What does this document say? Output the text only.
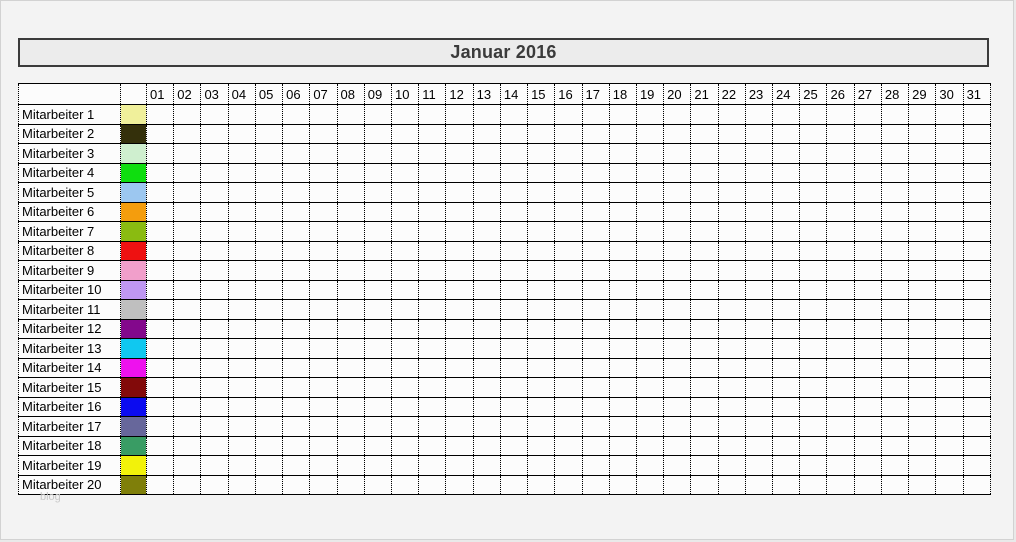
Januar 2016
		01	02	03	04	05	06	07	08	09	10	11	12	13	14	15	16	17	18	19	20	21	22	23	24	25	26	27	28	29	30	31
Mitarbeiter 1																																
Mitarbeiter 2																																
Mitarbeiter 3																																
Mitarbeiter 4																																
Mitarbeiter 5																																
Mitarbeiter 6																																
Mitarbeiter 7																																
Mitarbeiter 8																																
Mitarbeiter 9																																
Mitarbeiter 10																																
Mitarbeiter 11																																
Mitarbeiter 12																																
Mitarbeiter 13																																
Mitarbeiter 14																																
Mitarbeiter 15																																
Mitarbeiter 16																																
Mitarbeiter 17																																
Mitarbeiter 18																																
Mitarbeiter 19																																
Mitarbeiter 20																																
blog
